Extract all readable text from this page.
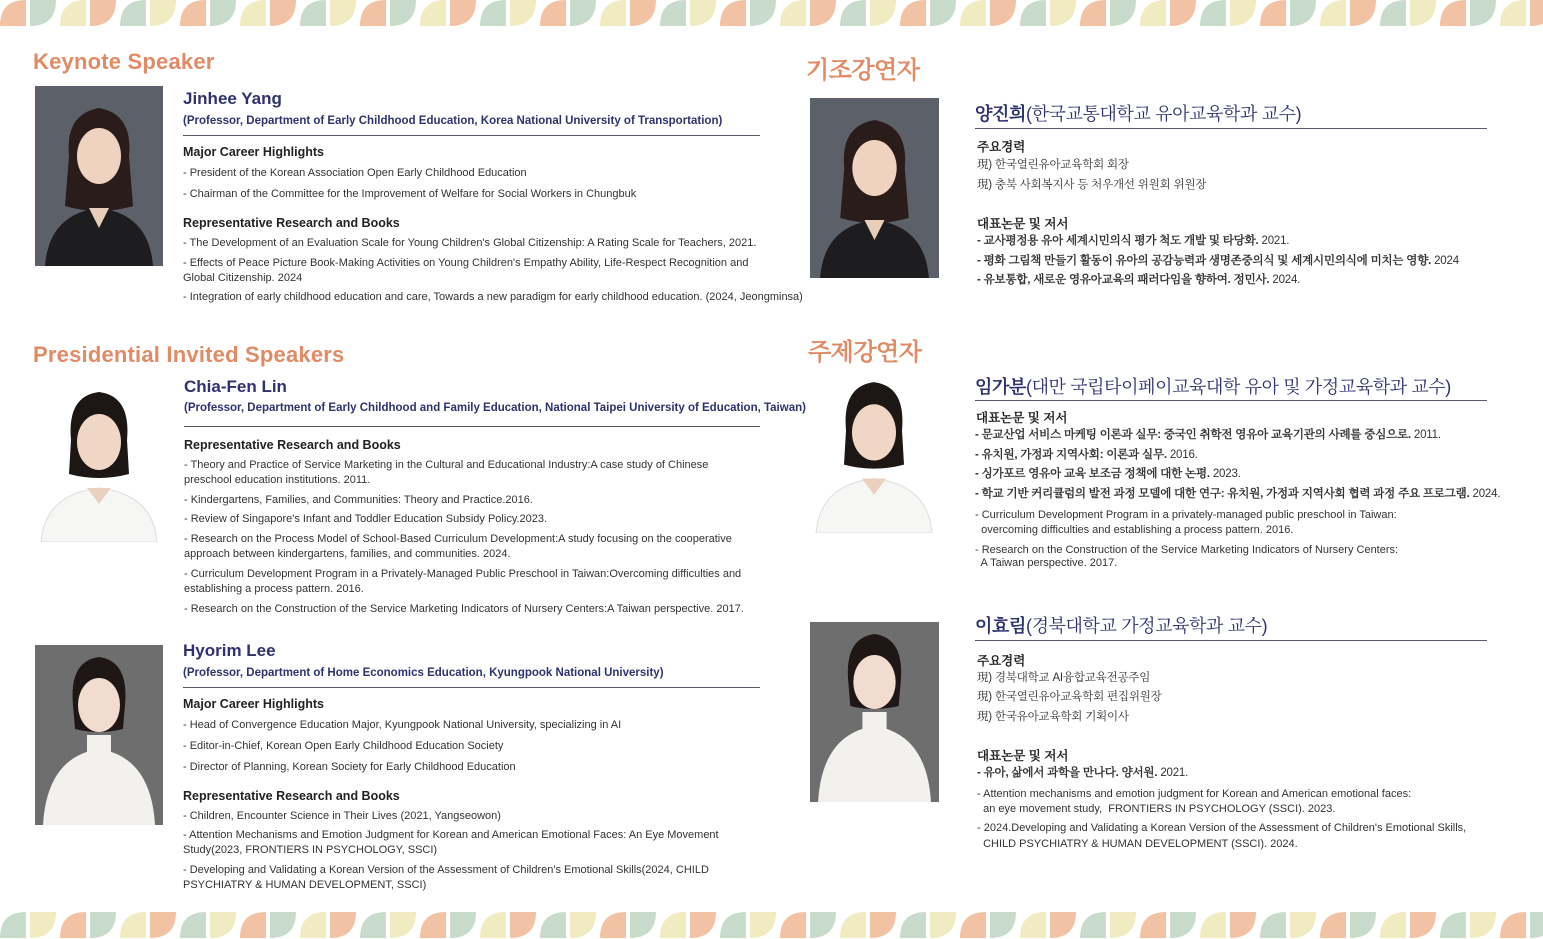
Keynote Speaker
Jinhee Yang

(Professor, Department of Early Childhood Education, Korea National University of Transportation)

Major Career Highlights

- President of the Korean Association Open Early Childhood Education

- Chairman of the Committee for the Improvement of Welfare for Social Workers in Chungbuk

Representative Research and Books

- The Development of an Evaluation Scale for Young Children's Global Citizenship: A Rating Scale for Teachers, 2021.

- Effects of Peace Picture Book-Making Activities on Young Children's Empathy Ability, Life-Respect Recognition and Global Citizenship. 2024

- Integration of early childhood education and care, Towards a new paradigm for early childhood education. (2024, Jeongminsa)

Presidential Invited Speakers
Chia-Fen Lin

(Professor, Department of Early Childhood and Family Education, National Taipei University of Education, Taiwan)

Representative Research and Books

- Theory and Practice of Service Marketing in the Cultural and Educational Industry:A case study of Chinese preschool education institutions. 2011.

- Kindergartens, Families, and Communities: Theory and Practice.2016.

- Review of Singapore's Infant and Toddler Education Subsidy Policy.2023.

- Research on the Process Model of School-Based Curriculum Development:A study focusing on the cooperative approach between kindergartens, families, and communities. 2024.

- Curriculum Development Program in a Privately-Managed Public Preschool in Taiwan:Overcoming difficulties and establishing a process pattern. 2016.

- Research on the Construction of the Service Marketing Indicators of Nursery Centers:A Taiwan perspective. 2017.

Hyorim Lee

(Professor, Department of Home Economics Education, Kyungpook National University)

Major Career Highlights

- Head of Convergence Education Major, Kyungpook National University, specializing in AI

- Editor-in-Chief, Korean Open Early Childhood Education Society

- Director of Planning, Korean Society for Early Childhood Education

Representative Research and Books

- Children, Encounter Science in Their Lives (2021, Yangseowon)

- Attention Mechanisms and Emotion Judgment for Korean and American Emotional Faces: An Eye Movement Study(2023, FRONTIERS IN PSYCHOLOGY, SSCI)

- Developing and Validating a Korean Version of the Assessment of Children's Emotional Skills(2024, CHILD PSYCHIATRY & HUMAN DEVELOPMENT, SSCI)

기조강연자
양진희(한국교통대학교 유아교육학과 교수)

주요경력

現) 한국열린유아교육학회 회장

現) 충북 사회복지사 등 처우개선 위원회 위원장

대표논문 및 저서

- 교사평정용 유아 세계시민의식 평가 척도 개발 및 타당화. 2021.

- 평화 그림책 만들기 활동이 유아의 공감능력과 생명존중의식 및 세계시민의식에 미치는 영향. 2024

- 유보통합, 새로운 영유아교육의 패러다임을 향하여. 정민사. 2024.

주제강연자
임가분(대만 국립타이페이교육대학 유아 및 가정교육학과 교수)

대표논문 및 저서

- 문교산업 서비스 마케팅 이론과 실무: 중국인 취학전 영유아 교육기관의 사례를 중심으로. 2011.

- 유치원, 가정과 지역사회: 이론과 실무. 2016.

- 싱가포르 영유아 교육 보조금 정책에 대한 논평. 2023.

- 학교 기반 커리큘럼의 발전 과정 모델에 대한 연구: 유치원, 가정과 지역사회 협력 과정 주요 프로그램. 2024.

- Curriculum Development Program in a privately-managed public preschool in Taiwan:

overcoming difficulties and establishing a process pattern. 2016.

- Research on the Construction of the Service Marketing Indicators of Nursery Centers:

A Taiwan perspective. 2017.

이효림(경북대학교 가정교육학과 교수)

주요경력

現) 경북대학교 AI융합교육전공주임

現) 한국열린유아교육학회 편집위원장

現) 한국유아교육학회 기획이사

대표논문 및 저서

- 유아, 삶에서 과학을 만나다. 양서원. 2021.

- Attention mechanisms and emotion judgment for Korean and American emotional faces:

an eye movement study,  FRONTIERS IN PSYCHOLOGY (SSCI). 2023.

- 2024.Developing and Validating a Korean Version of the Assessment of Children's Emotional Skills,

CHILD PSYCHIATRY & HUMAN DEVELOPMENT (SSCI). 2024.
